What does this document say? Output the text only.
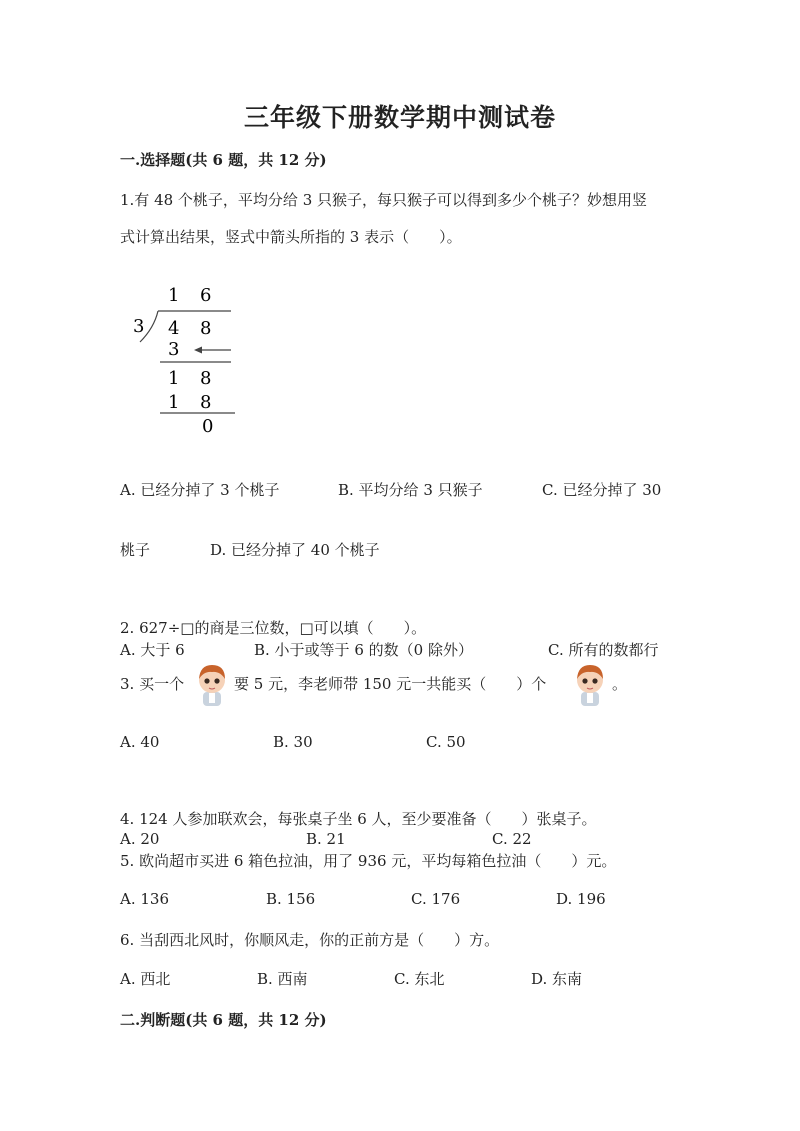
三年级下册数学期中测试卷
一.选择题(共 6 题，共 12 分)
1.有 48 个桃子，平均分给 3 只猴子，每只猴子可以得到多少个桃子？妙想用竖
式计算出结果，竖式中箭头所指的 3 表示（　　）。
1 6
3 4 8
3
1 8
1 8
0
A. 已经分掉了 3 个桃子	B. 平均分给 3 只猴子	C. 已经分掉了 30
桃子	D. 已经分掉了 40 个桃子
2. 627÷□的商是三位数，□可以填（　　）。
A. 大于 6	B. 小于或等于 6 的数（0 除外）	C. 所有的数都行
3. 买一个	要 5 元，李老师带 150 元一共能买（　　）个	。
A. 40	B. 30	C. 50
4. 124 人参加联欢会，每张桌子坐 6 人，至少要准备（　　）张桌子。
A. 20	B. 21	C. 22
5. 欧尚超市买进 6 箱色拉油，用了 936 元，平均每箱色拉油（　　）元。
A. 136	B. 156	C. 176	D. 196
6. 当刮西北风时，你顺风走，你的正前方是（　　）方。
A. 西北	B. 西南	C. 东北	D. 东南
二.判断题(共 6 题，共 12 分)
